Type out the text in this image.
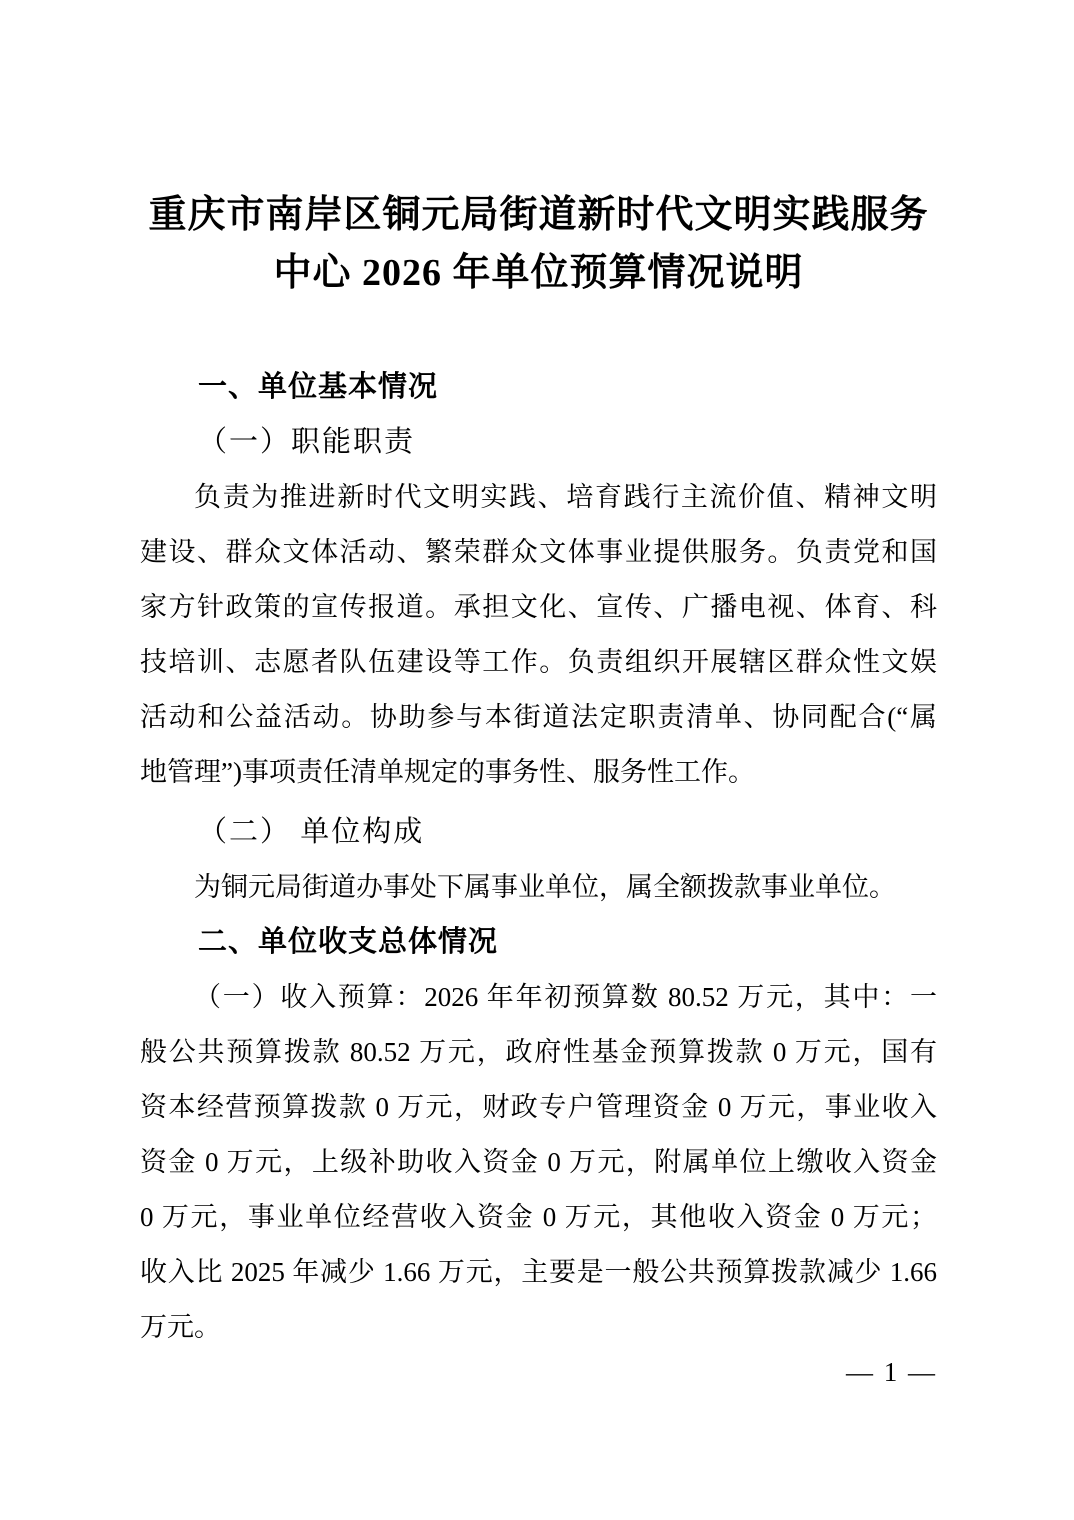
重庆市南岸区铜元局街道新时代文明实践服务
中心 2026 年单位预算情况说明
一、单位基本情况
（一）职能职责
负责为推进新时代文明实践、培育践行主流价值、精神文明
建设、群众文体活动、繁荣群众文体事业提供服务。负责党和国
家方针政策的宣传报道。承担文化、宣传、广播电视、体育、科
技培训、志愿者队伍建设等工作。负责组织开展辖区群众性文娱
活动和公益活动。协助参与本街道法定职责清单、协同配合(“属
地管理”)事项责任清单规定的事务性、服务性工作。
（二） 单位构成
为铜元局街道办事处下属事业单位，属全额拨款事业单位。
二、单位收支总体情况
（一）收入预算：2026 年年初预算数 80.52 万元，其中：一
般公共预算拨款 80.52 万元，政府性基金预算拨款 0 万元，国有
资本经营预算拨款 0 万元，财政专户管理资金 0 万元，事业收入
资金 0 万元，上级补助收入资金 0 万元，附属单位上缴收入资金
0 万元，事业单位经营收入资金 0 万元，其他收入资金 0 万元；
收入比 2025 年减少 1.66 万元，主要是一般公共预算拨款减少 1.66
万元。
— 1 —
